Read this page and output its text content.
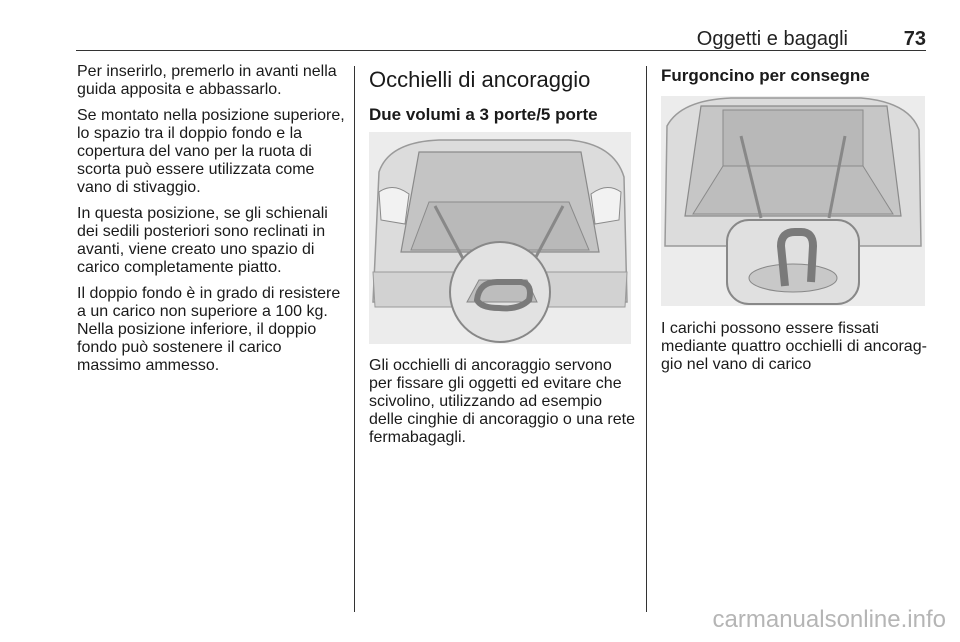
Oggetti e bagagli	73

Per inserirlo, premerlo in avanti nella guida apposita e abbassarlo.

Se montato nella posizione superiore, lo spazio tra il doppio fondo e la copertura del vano per la ruota di scorta può essere utilizzata come vano di stivaggio.

In questa posizione, se gli schienali dei sedili posteriori sono reclinati in avanti, viene creato uno spazio di carico completamente piatto.

Il doppio fondo è in grado di resistere a un carico non superiore a 100 kg. Nella posizione inferiore, il doppio fondo può sostenere il carico massimo ammesso.

Occhielli di ancoraggio
Due volumi a 3 porte/5 porte

Gli occhielli di ancoraggio servono per fissare gli oggetti ed evitare che scivolino, utilizzando ad esempio delle cinghie di ancoraggio o una rete fermabagagli.

Furgoncino per consegne

I carichi possono essere fissati mediante quattro occhielli di ancorag-gio nel vano di carico

carmanualsonline.info
